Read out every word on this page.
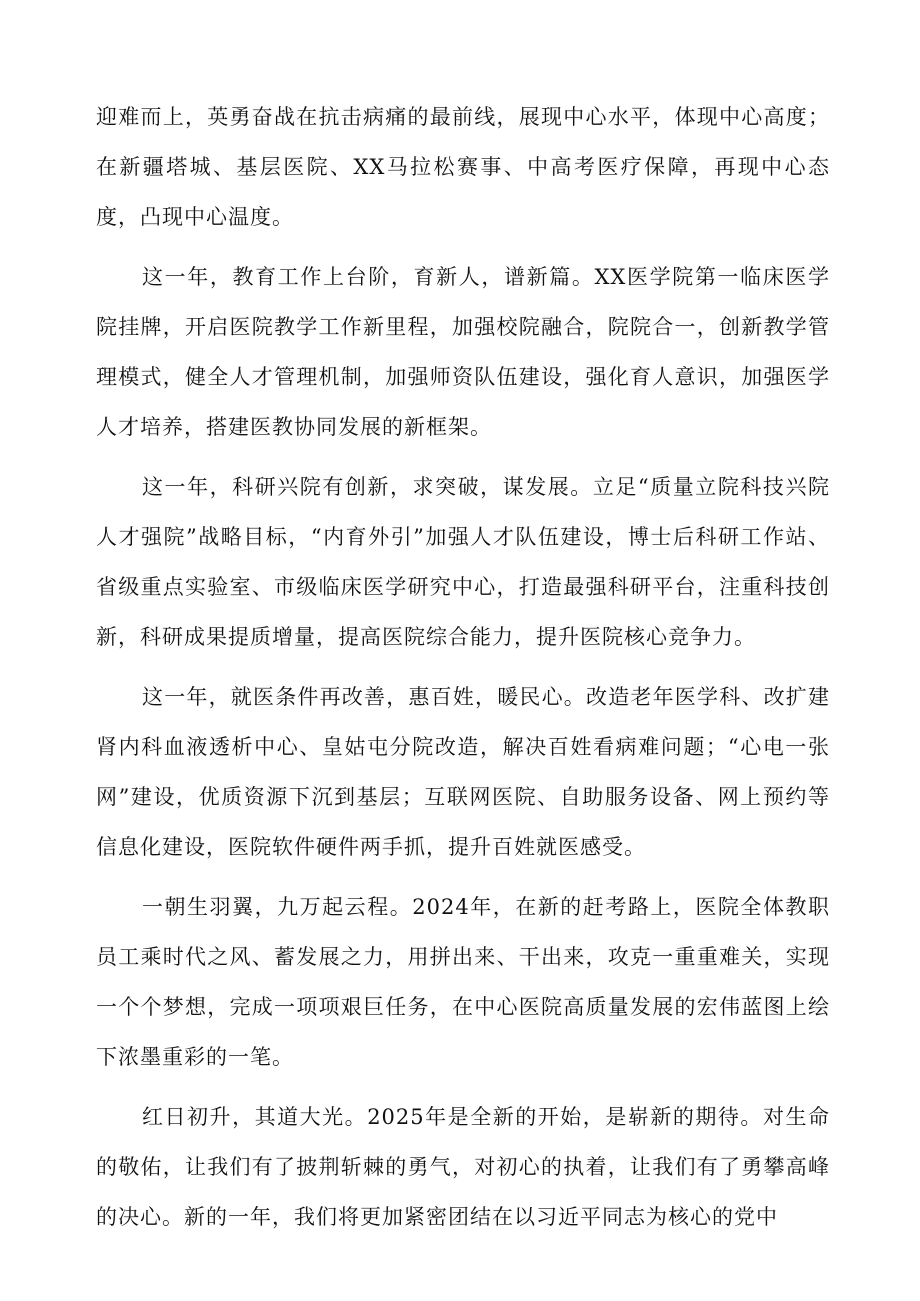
迎难而上，英勇奋战在抗击病痛的最前线，展现中心水平，体现中心高度；在新疆塔城、基层医院、XX马拉松赛事、中高考医疗保障，再现中心态度，凸现中心温度。

这一年，教育工作上台阶，育新人，谱新篇。XX医学院第一临床医学院挂牌，开启医院教学工作新里程，加强校院融合，院院合一，创新教学管理模式，健全人才管理机制，加强师资队伍建设，强化育人意识，加强医学人才培养，搭建医教协同发展的新框架。

这一年，科研兴院有创新，求突破，谋发展。立足“质量立院科技兴院人才强院”战略目标，“内育外引”加强人才队伍建设，博士后科研工作站、省级重点实验室、市级临床医学研究中心，打造最强科研平台，注重科技创新，科研成果提质增量，提高医院综合能力，提升医院核心竞争力。

这一年，就医条件再改善，惠百姓，暖民心。改造老年医学科、改扩建肾内科血液透析中心、皇姑屯分院改造，解决百姓看病难问题；“心电一张网”建设，优质资源下沉到基层；互联网医院、自助服务设备、网上预约等信息化建设，医院软件硬件两手抓，提升百姓就医感受。

一朝生羽翼，九万起云程。2024年，在新的赶考路上，医院全体教职员工乘时代之风、蓄发展之力，用拼出来、干出来，攻克一重重难关，实现一个个梦想，完成一项项艰巨任务，在中心医院高质量发展的宏伟蓝图上绘下浓墨重彩的一笔。

红日初升，其道大光。2025年是全新的开始，是崭新的期待。对生命的敬佑，让我们有了披荆斩棘的勇气，对初心的执着，让我们有了勇攀高峰的决心。新的一年，我们将更加紧密团结在以习近平同志为核心的党中
